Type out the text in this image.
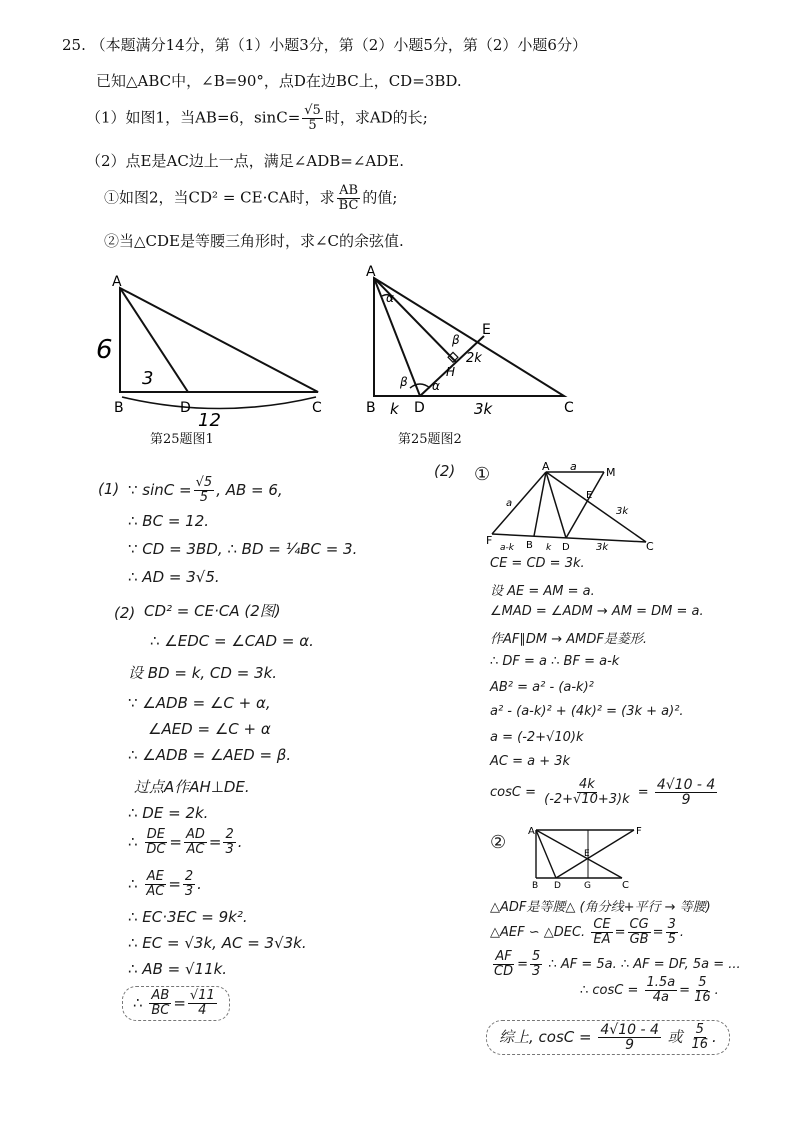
25. （本题满分14分，第（1）小题3分，第（2）小题5分，第（2）小题6分）
已知△ABC中，∠B=90°，点D在边BC上，CD=3BD.
（1）如图1，当AB=6，$\sin C= \frac{√5}{5}$ 时，求AD的长;
（2）点E是AC边上一点，满足∠ADB=∠ADE.
①如图2，当CD² = CE·CA时，求 $\frac{AB}{BC}$ 的值;
②当△CDE是等腰三角形时，求∠C的余弦值.
A
B	D	C
6
3
12
第25题图1
A
B	D	C
E
H
k	3k
2k
α
α
β
β
第25题图2
(1) ∵ $\sin C = \frac{√5}{5}$ , AB = 6,
∴ BC = 12.
∵ CD = 3BD, ∴ BD = ¼BC = 3.
∴ AD = 3√5.
(2) CD² = CE·CA (2图)
∴ ∠EDC = ∠CAD = α.
设 BD = k, CD = 3k.
∵ ∠ADB = ∠C + α,
∠AED = ∠C + α
∴ ∠ADB = ∠AED = β.
过点A作AH⊥DE.
∴ DE = 2k.
∴ $\frac{DE}{DC} = \frac{AD}{AC} = \frac{2}{3}$ .
∴ $\frac{AE}{AC} = \frac{2}{3}$ .
∴ EC·3EC = 9k².
∴ EC = √3k, AC = 3√3k.
∴ AB = √11k.
∴ $\frac{AB}{BC} = \frac{√11}{4}$
(2) ①	A a	M
F	B	D	C
E
a
3k
3k
k
a-k
CE = CD = 3k.
设 AE = AM = a.
∠MAD = ∠ADM → AM = DM = a.
作AF∥DM → AMDF是菱形.
∴ DF = a ∴ BF = a-k
AB² = a² - (a-k)²
a² - (a-k)² + (4k)² = (3k + a)².
a = (-2+√10)k
AC = a + 3k
$\cos C = \frac{4k}{(-2+√10+3)k} = \frac{4√10 - 4}{9}$
②
A	F
B D	G	C
E
△ADF是等腰△ (角分线+平行 → 等腰)
△AEF ∽ △DEC. $\frac{CE}{EA} = \frac{CG}{GB} = \frac{3}{5}$ .
$\frac{AF}{CD} = \frac{5}{3}$ ∴ AF = 5a. ∴ AF = DF, 5a = ...
∴ $\cos C = \frac{1.5a}{4a} = \frac{5}{16}$ .
综上, $\cos C = \frac{4√10 - 4}{9}$ 或 $\frac{5}{16}$ .
